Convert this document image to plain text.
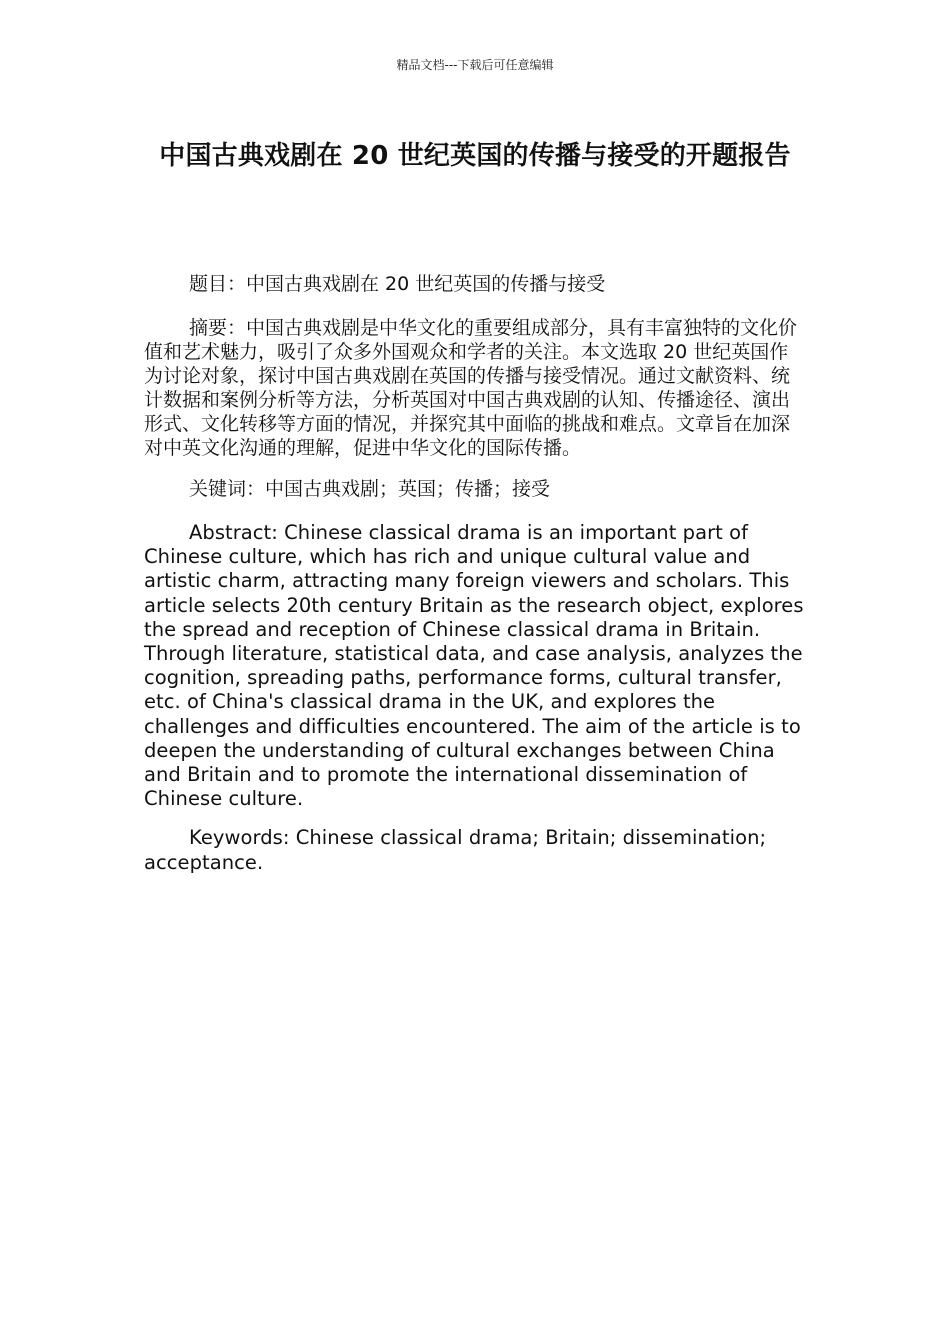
精品文档---下载后可任意编辑
中国古典戏剧在 20 世纪英国的传播与接受的开题报告

题目：中国古典戏剧在 20 世纪英国的传播与接受

摘要：中国古典戏剧是中华文化的重要组成部分，具有丰富独特的文化价值和艺术魅力，吸引了众多外国观众和学者的关注。本文选取 20 世纪英国作为讨论对象，探讨中国古典戏剧在英国的传播与接受情况。通过文献资料、统计数据和案例分析等方法，分析英国对中国古典戏剧的认知、传播途径、演出形式、文化转移等方面的情况，并探究其中面临的挑战和难点。文章旨在加深对中英文化沟通的理解，促进中华文化的国际传播。

关键词：中国古典戏剧；英国；传播；接受

Abstract: Chinese classical drama is an important part of Chinese culture, which has rich and unique cultural value and artistic charm, attracting many foreign viewers and scholars. This article selects 20th century Britain as the research object, explores the spread and reception of Chinese classical drama in Britain. Through literature, statistical data, and case analysis, analyzes the cognition, spreading paths, performance forms, cultural transfer, etc. of China's classical drama in the UK, and explores the challenges and difficulties encountered. The aim of the article is to deepen the understanding of cultural exchanges between China and Britain and to promote the international dissemination of Chinese culture.

Keywords: Chinese classical drama; Britain; dissemination; acceptance.
